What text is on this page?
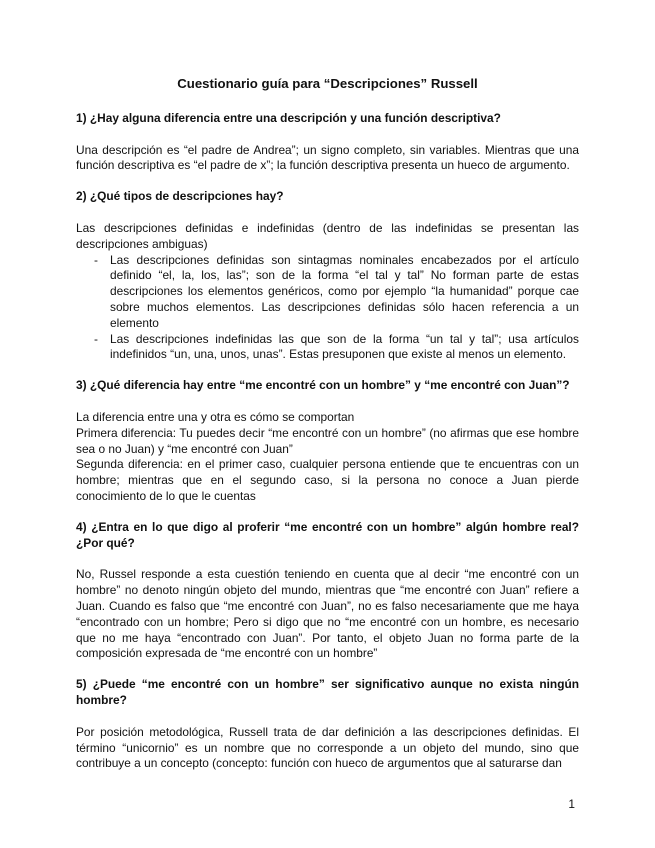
Cuestionario guía para “Descripciones” Russell
1) ¿Hay alguna diferencia entre una descripción y una función descriptiva?
Una descripción es “el padre de Andrea”; un signo completo, sin variables. Mientras que una función descriptiva es “el padre de x”; la función descriptiva presenta un hueco de argumento.
2) ¿Qué tipos de descripciones hay?
Las descripciones definidas e indefinidas (dentro de las indefinidas se presentan las descripciones ambiguas)
- Las descripciones definidas son sintagmas nominales encabezados por el artículo definido “el, la, los, las”; son de la forma “el tal y tal” No forman parte de estas descripciones los elementos genéricos, como por ejemplo “la humanidad” porque cae sobre muchos elementos. Las descripciones definidas sólo hacen referencia a un elemento
- Las descripciones indefinidas las que son de la forma “un tal y tal”; usa artículos indefinidos “un, una, unos, unas”. Estas presuponen que existe al menos un elemento.
3) ¿Qué diferencia hay entre “me encontré con un hombre” y “me encontré con Juan”?
La diferencia entre una y otra es cómo se comportan
Primera diferencia: Tu puedes decir “me encontré con un hombre” (no afirmas que ese hombre sea o no Juan) y “me encontré con Juan”
Segunda diferencia: en el primer caso, cualquier persona entiende que te encuentras con un hombre; mientras que en el segundo caso, si la persona no conoce a Juan pierde conocimiento de lo que le cuentas
4) ¿Entra en lo que digo al proferir “me encontré con un hombre” algún hombre real?¿Por qué?
No, Russel responde a esta cuestión teniendo en cuenta que al decir “me encontré con un hombre” no denoto ningún objeto del mundo, mientras que “me encontré con Juan” refiere a Juan. Cuando es falso que “me encontré con Juan”, no es falso necesariamente que me haya “encontrado con un hombre; Pero si digo que no “me encontré con un hombre, es necesario que no me haya “encontrado con Juan”. Por tanto, el objeto Juan no forma parte de la composición expresada de “me encontré con un hombre”
5) ¿Puede “me encontré con un hombre” ser significativo aunque no exista ningún hombre?
Por posición metodológica, Russell trata de dar definición a las descripciones definidas. El término “unicornio” es un nombre que no corresponde a un objeto del mundo, sino que contribuye a un concepto (concepto: función con hueco de argumentos que al saturarse dan
1
